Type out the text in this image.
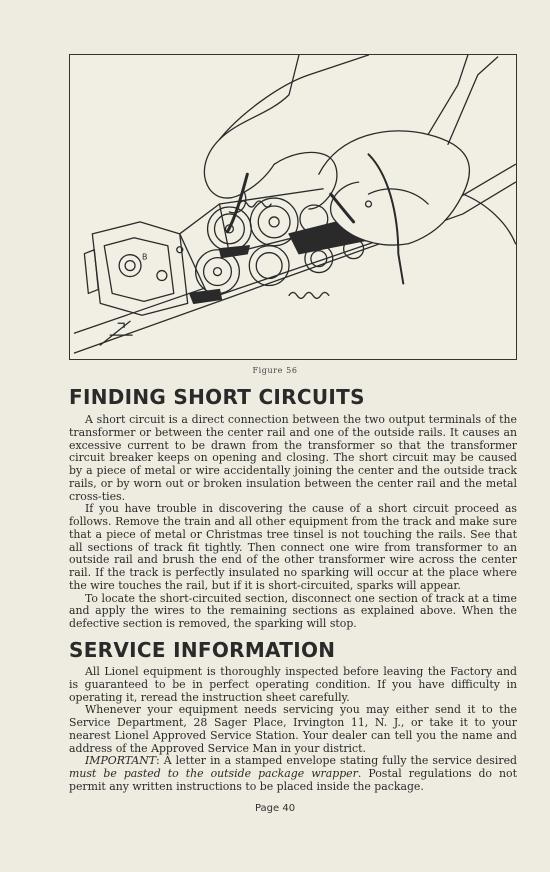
B
Figure 56
FINDING SHORT CIRCUITS

A short circuit is a direct connection between the two output terminals of the transformer or between the center rail and one of the outside rails. It causes an excessive current to be drawn from the transformer so that the transformer circuit breaker keeps on opening and closing. The short circuit may be caused by a piece of metal or wire accidentally joining the center and the outside track rails, or by worn out or broken insulation between the center rail and the metal cross-ties.

If you have trouble in discovering the cause of a short circuit proceed as follows. Remove the train and all other equipment from the track and make sure that a piece of metal or Christmas tree tinsel is not touching the rails. See that all sections of track fit tightly. Then connect one wire from transformer to an outside rail and brush the end of the other transformer wire across the center rail. If the track is perfectly insulated no sparking will occur at the place where the wire touches the rail, but if it is short-circuited, sparks will appear.

To locate the short-circuited section, disconnect one section of track at a time and apply the wires to the remaining sections as explained above. When the defective section is removed, the sparking will stop.

SERVICE INFORMATION

All Lionel equipment is thoroughly inspected before leaving the Factory and is guaranteed to be in perfect operating condition. If you have difficulty in operating it, reread the instruction sheet carefully.

Whenever your equipment needs servicing you may either send it to the Service Department, 28 Sager Place, Irvington 11, N. J., or take it to your nearest Lionel Approved Service Station. Your dealer can tell you the name and address of the Approved Service Man in your district.

IMPORTANT: A letter in a stamped envelope stating fully the service desired must be pasted to the outside package wrapper. Postal regulations do not permit any written instructions to be placed inside the package.

Page 40
